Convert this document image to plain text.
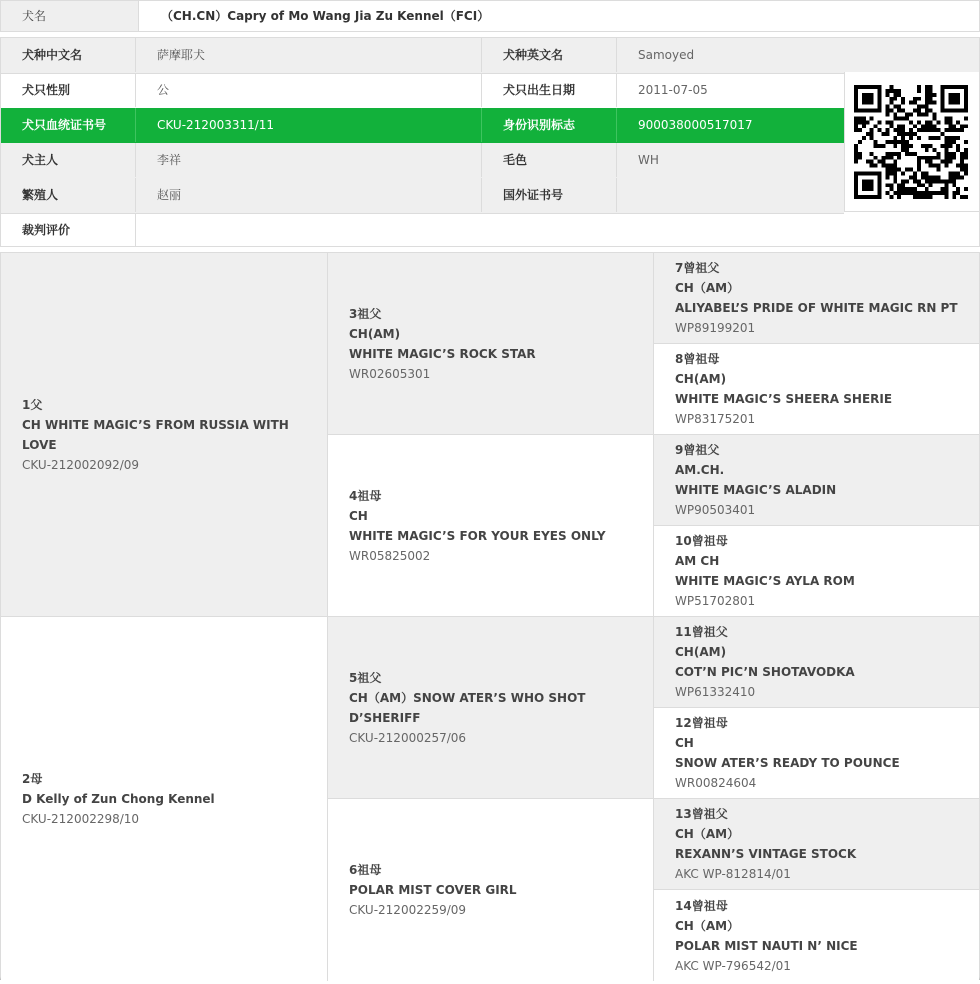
犬名	（CH.CN）Capry of Mo Wang Jia Zu Kennel（FCI）
犬种中文名	萨摩耶犬	犬种英文名	Samoyed
犬只性别	公	犬只出生日期	2011-07-05
犬只血统证书号	CKU-212003311/11	身份识别标志	900038000517017
犬主人	李祥	毛色	WH
繁殖人	赵丽	国外证书号
裁判评价
1父
CH WHITE MAGIC’S FROM RUSSIA WITH LOVE
CKU-212002092/09
2母
D Kelly of Zun Chong Kennel
CKU-212002298/10
3祖父
CH(AM)
WHITE MAGIC’S ROCK STAR
WR02605301
4祖母
CH
WHITE MAGIC’S FOR YOUR EYES ONLY
WR05825002
5祖父
CH（AM）SNOW ATER’S WHO SHOT D’SHERIFF
CKU-212000257/06
6祖母
POLAR MIST COVER GIRL
CKU-212002259/09
7曾祖父
CH（AM）
ALIYABEL’S PRIDE OF WHITE MAGIC RN PT
WP89199201
8曾祖母
CH(AM)
WHITE MAGIC’S SHEERA SHERIE
WP83175201
9曾祖父
AM.CH.
WHITE MAGIC’S ALADIN
WP90503401
10曾祖母
AM CH
WHITE MAGIC’S AYLA ROM
WP51702801
11曾祖父
CH(AM)
COT’N PIC’N SHOTAVODKA
WP61332410
12曾祖母
CH
SNOW ATER’S READY TO POUNCE
WR00824604
13曾祖父
CH（AM）
REXANN’S VINTAGE STOCK
AKC WP-812814/01
14曾祖母
CH（AM）
POLAR MIST NAUTI N’ NICE
AKC WP-796542/01
